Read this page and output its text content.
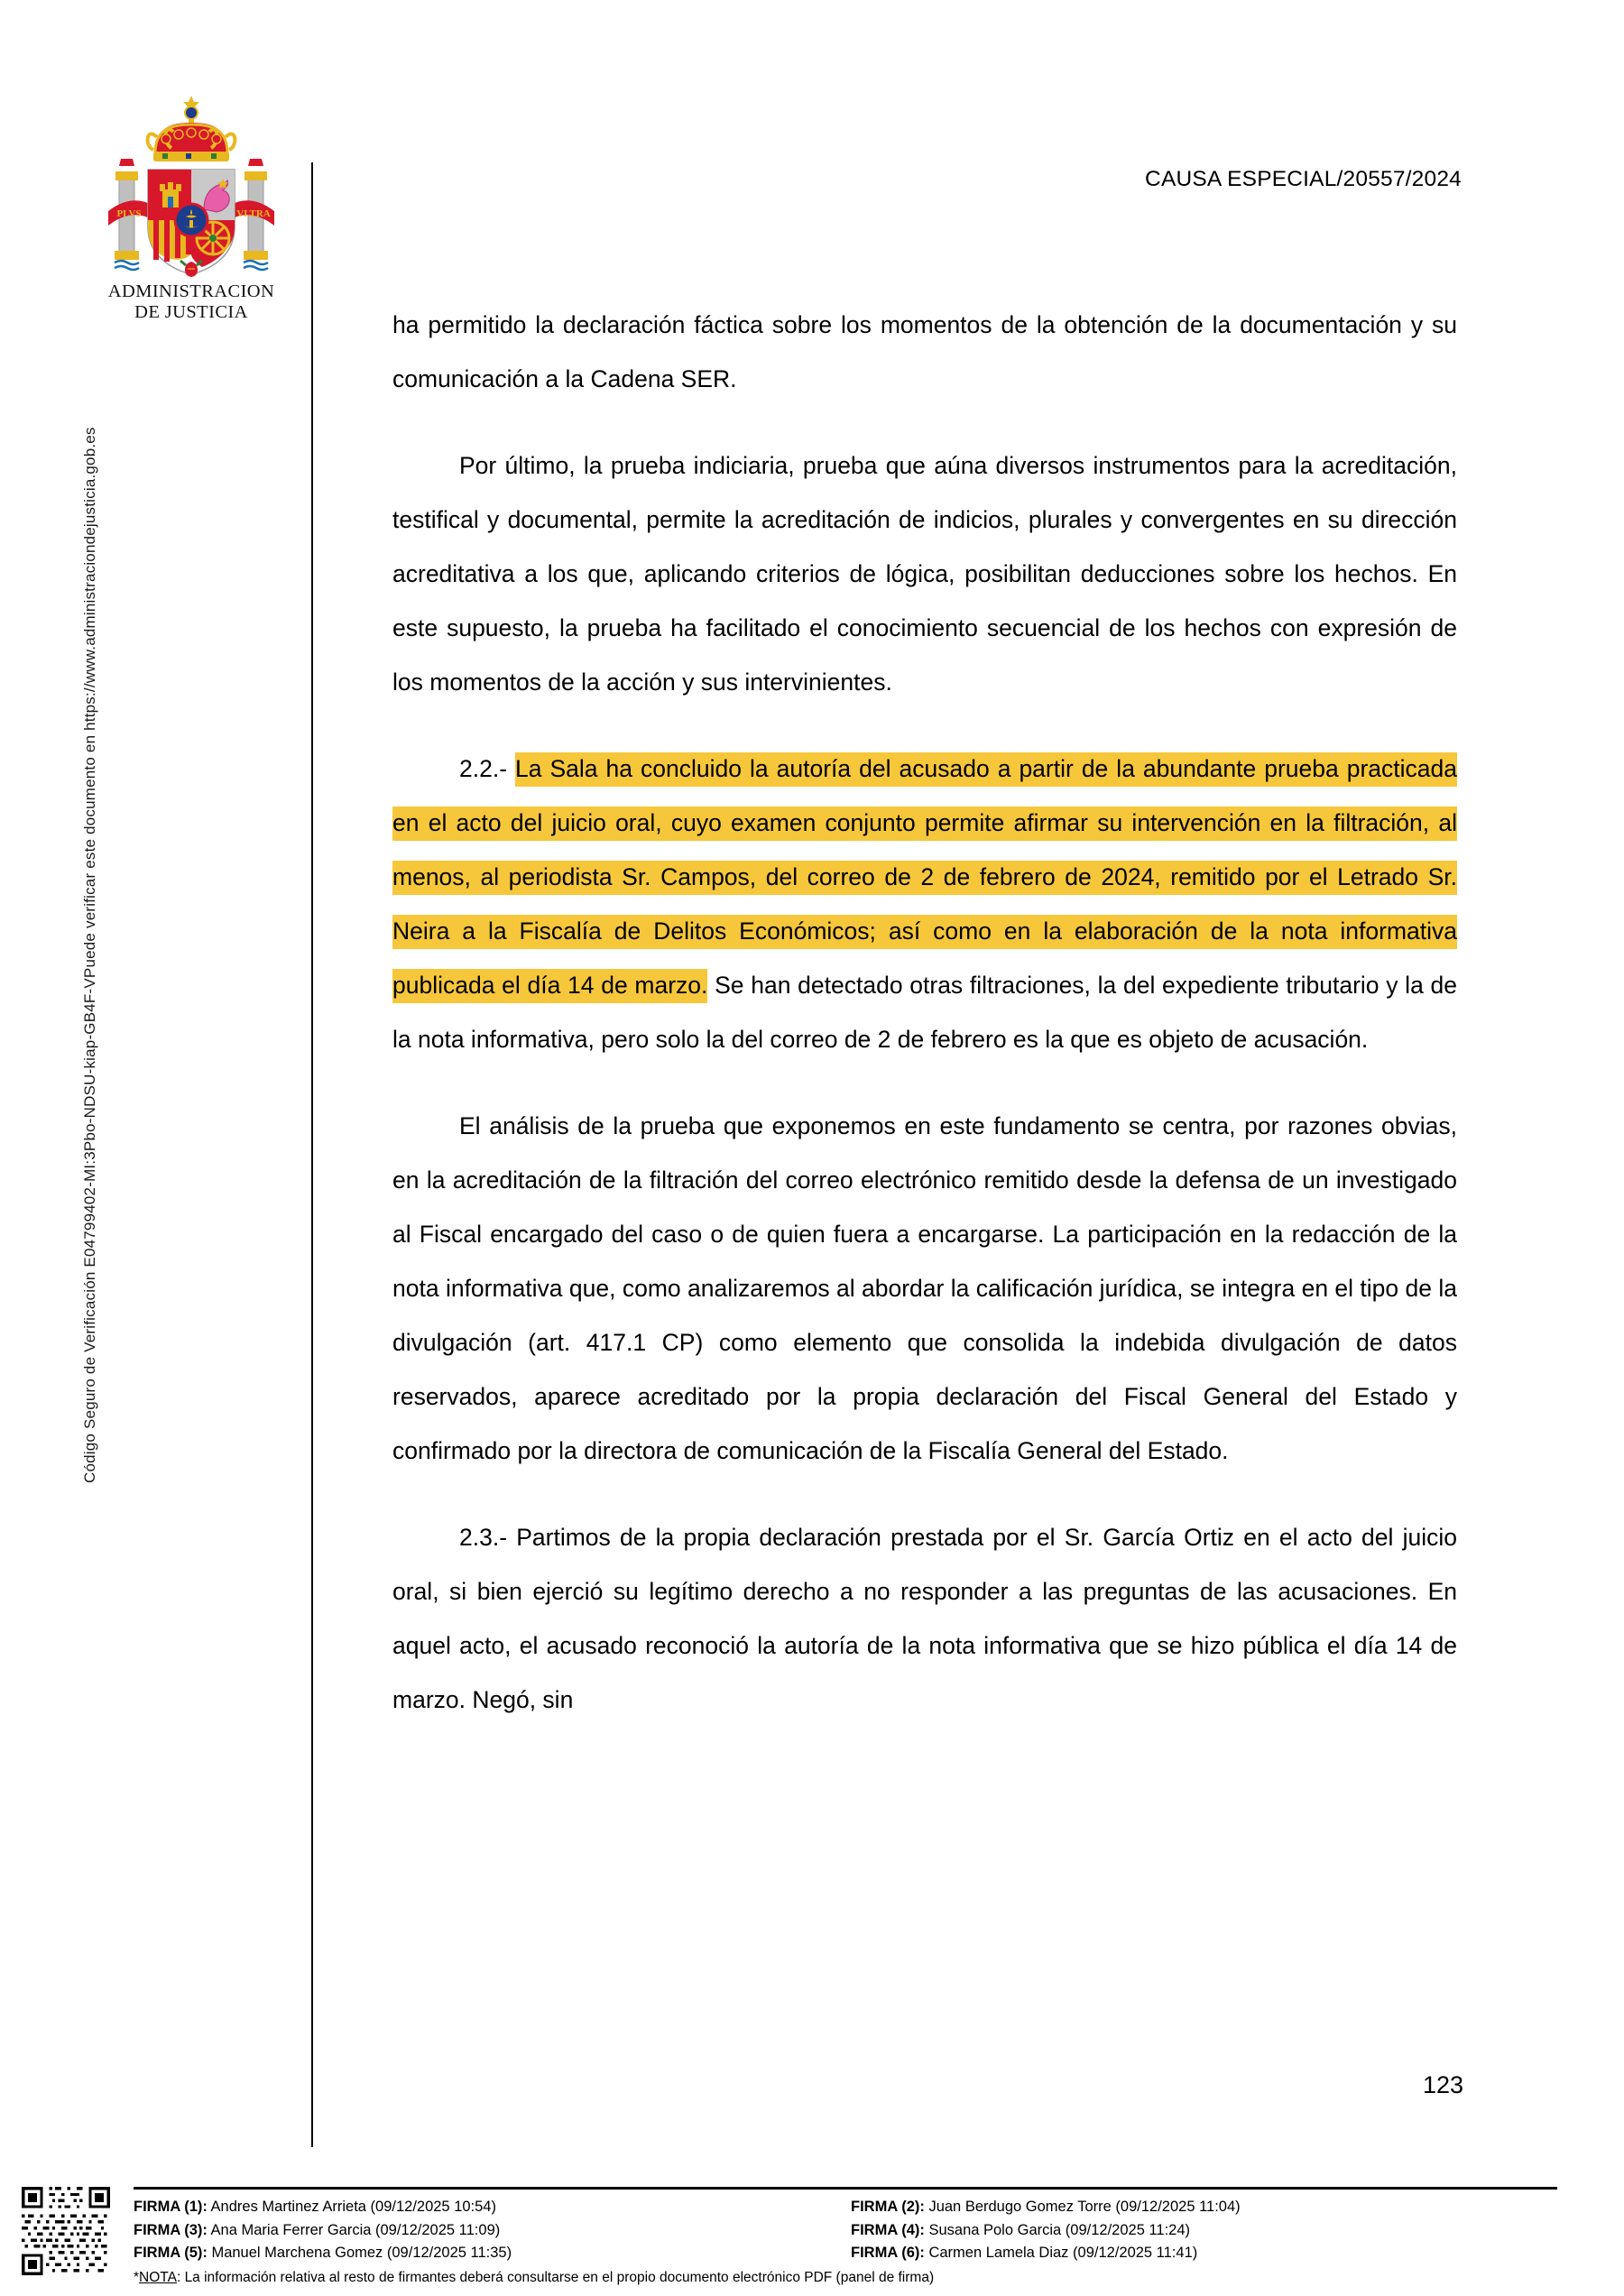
Código Seguro de Verificación E04799402-MI:3Pbo-NDSU-kiap-GB4F-VPuede verificar este documento en https://www.administraciondejusticia.gob.es
PLVS	VLTRA
ADMINISTRACION
DE JUSTICIA
CAUSA ESPECIAL/20557/2024

ha permitido la declaración fáctica sobre los momentos de la obtención de la documentación y su comunicación a la Cadena SER.

Por último, la prueba indiciaria, prueba que aúna diversos instrumentos para la acreditación, testifical y documental, permite la acreditación de indicios, plurales y convergentes en su dirección acreditativa a los que, aplicando criterios de lógica, posibilitan deducciones sobre los hechos. En este supuesto, la prueba ha facilitado el conocimiento secuencial de los hechos con expresión de los momentos de la acción y sus intervinientes.

2.2.- La Sala ha concluido la autoría del acusado a partir de la abundante prueba practicada en el acto del juicio oral, cuyo examen conjunto permite afirmar su intervención en la filtración, al menos, al periodista Sr. Campos, del correo de 2 de febrero de 2024, remitido por el Letrado Sr. Neira a la Fiscalía de Delitos Económicos; así como en la elaboración de la nota informativa publicada el día 14 de marzo. Se han detectado otras filtraciones, la del expediente tributario y la de la nota informativa, pero solo la del correo de 2 de febrero es la que es objeto de acusación.

El análisis de la prueba que exponemos en este fundamento se centra, por razones obvias, en la acreditación de la filtración del correo electrónico remitido desde la defensa de un investigado al Fiscal encargado del caso o de quien fuera a encargarse. La participación en la redacción de la nota informativa que, como analizaremos al abordar la calificación jurídica, se integra en el tipo de la divulgación (art. 417.1 CP) como elemento que consolida la indebida divulgación de datos reservados, aparece acreditado por la propia declaración del Fiscal General del Estado y confirmado por la directora de comunicación de la Fiscalía General del Estado.

2.3.- Partimos de la propia declaración prestada por el Sr. García Ortiz en el acto del juicio oral, si bien ejerció su legítimo derecho a no responder a las preguntas de las acusaciones. En aquel acto, el acusado reconoció la autoría de la nota informativa que se hizo pública el día 14 de marzo. Negó, sin

123
FIRMA (1): Andres Martinez Arrieta (09/12/2025 10:54)
FIRMA (3): Ana Maria Ferrer Garcia (09/12/2025 11:09)
FIRMA (5): Manuel Marchena Gomez (09/12/2025 11:35)
FIRMA (2): Juan Berdugo Gomez Torre (09/12/2025 11:04)
FIRMA (4): Susana Polo Garcia (09/12/2025 11:24)
FIRMA (6): Carmen Lamela Diaz (09/12/2025 11:41)
*NOTA: La información relativa al resto de firmantes deberá consultarse en el propio documento electrónico PDF (panel de firma)
